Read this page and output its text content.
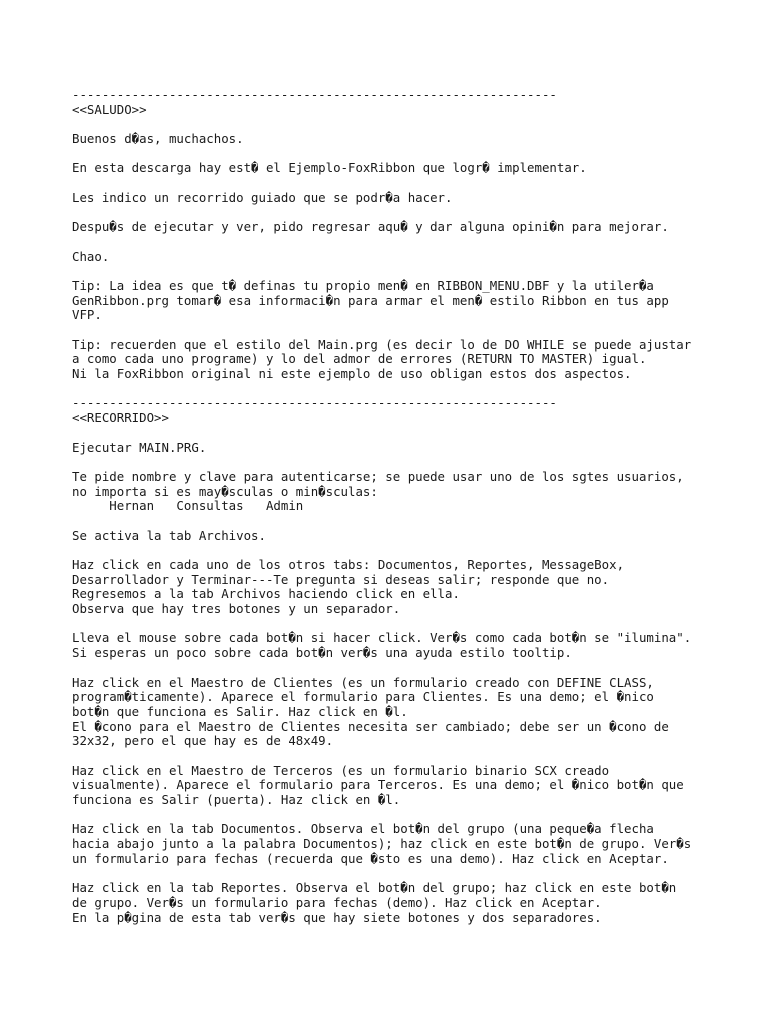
-----------------------------------------------------------------
<<SALUDO>>
Buenos d�as, muchachos.
En esta descarga hay est� el Ejemplo-FoxRibbon que logr� implementar.
Les indico un recorrido guiado que se podr�a hacer.
Despu�s de ejecutar y ver, pido regresar aqu� y dar alguna opini�n para mejorar.
Chao.
Tip: La idea es que t� definas tu propio men� en RIBBON_MENU.DBF y la utiler�a
GenRibbon.prg tomar� esa informaci�n para armar el men� estilo Ribbon en tus app
VFP.
Tip: recuerden que el estilo del Main.prg (es decir lo de DO WHILE se puede ajustar
a como cada uno programe) y lo del admor de errores (RETURN TO MASTER) igual.
Ni la FoxRibbon original ni este ejemplo de uso obligan estos dos aspectos.
-----------------------------------------------------------------
<<RECORRIDO>>
Ejecutar MAIN.PRG.
Te pide nombre y clave para autenticarse; se puede usar uno de los sgtes usuarios,
no importa si es may�sculas o min�sculas:
Hernan   Consultas   Admin
Se activa la tab Archivos.
Haz click en cada uno de los otros tabs: Documentos, Reportes, MessageBox,
Desarrollador y Terminar---Te pregunta si deseas salir; responde que no.
Regresemos a la tab Archivos haciendo click en ella.
Observa que hay tres botones y un separador.
Lleva el mouse sobre cada bot�n si hacer click. Ver�s como cada bot�n se "ilumina".
Si esperas un poco sobre cada bot�n ver�s una ayuda estilo tooltip.
Haz click en el Maestro de Clientes (es un formulario creado con DEFINE CLASS,
program�ticamente). Aparece el formulario para Clientes. Es una demo; el �nico
bot�n que funciona es Salir. Haz click en �l.
El �cono para el Maestro de Clientes necesita ser cambiado; debe ser un �cono de
32x32, pero el que hay es de 48x49.
Haz click en el Maestro de Terceros (es un formulario binario SCX creado
visualmente). Aparece el formulario para Terceros. Es una demo; el �nico bot�n que
funciona es Salir (puerta). Haz click en �l.
Haz click en la tab Documentos. Observa el bot�n del grupo (una peque�a flecha
hacia abajo junto a la palabra Documentos); haz click en este bot�n de grupo. Ver�s
un formulario para fechas (recuerda que �sto es una demo). Haz click en Aceptar.
Haz click en la tab Reportes. Observa el bot�n del grupo; haz click en este bot�n
de grupo. Ver�s un formulario para fechas (demo). Haz click en Aceptar.
En la p�gina de esta tab ver�s que hay siete botones y dos separadores.
